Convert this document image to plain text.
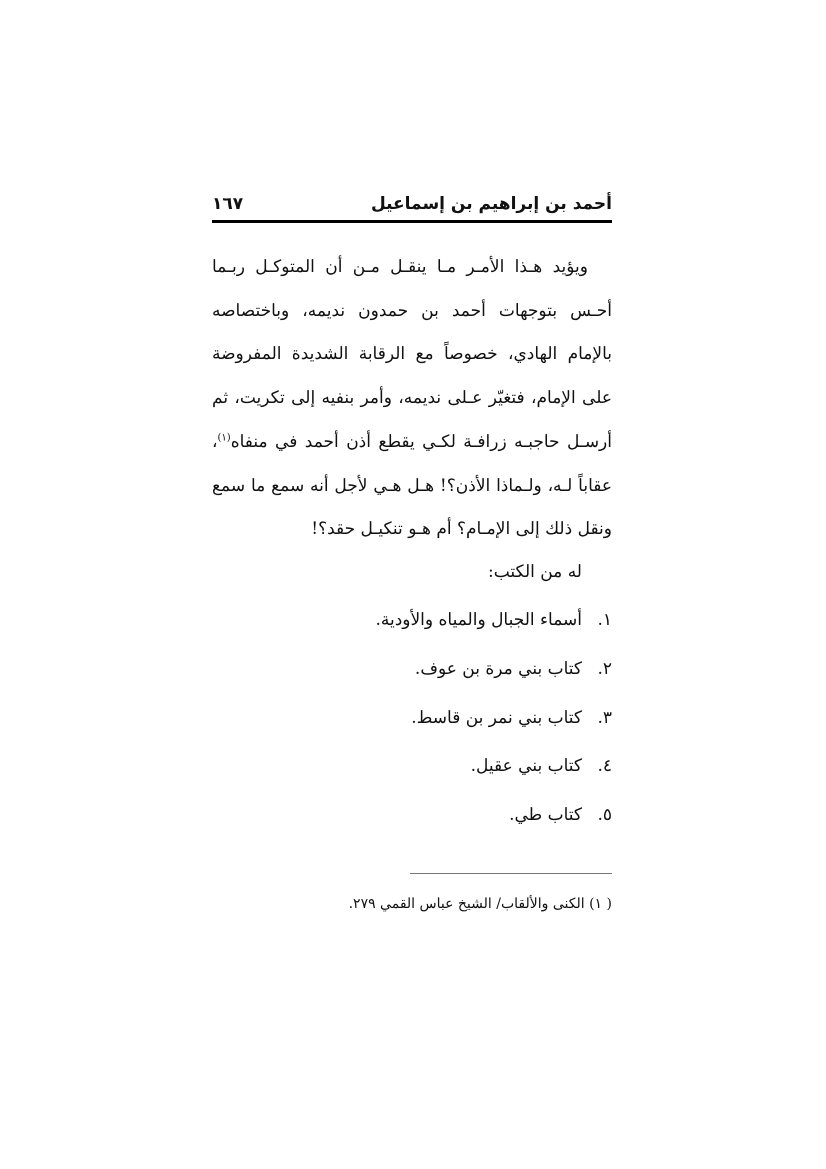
أحمد بن إبراهيم بن إسماعيل
١٦٧

ويؤيد هـذا الأمـر مـا ينقـل مـن أن المتوكـل ربـما أحـس بتوجهات أحمد بن حمدون نديمه، وباختصاصه بالإمام الهادي، خصوصاً مع الرقابة الشديدة المفروضة على الإمام، فتغيّر عـلى نديمه، وأمر بنفيه إلى تكريت، ثم أرسـل حاجبـه زرافـة لكـي يقطع أذن أحمد في منفاه$^{(١)}$، عقاباً لـه، ولـماذا الأذن؟! هـل هـي لأجل أنه سمع ما سمع ونقل ذلك إلى الإمـام؟ أم هـو تنكيـل حقد؟!

له من الكتب:
١.أسماء الجبال والمياه والأودية.
٢.كتاب بني مرة بن عوف.
٣.كتاب بني نمر بن قاسط.
٤.كتاب بني عقيل.
٥.كتاب طي.
( ١) الكنى والألقاب/ الشيخ عباس القمي ٢٧٩.
